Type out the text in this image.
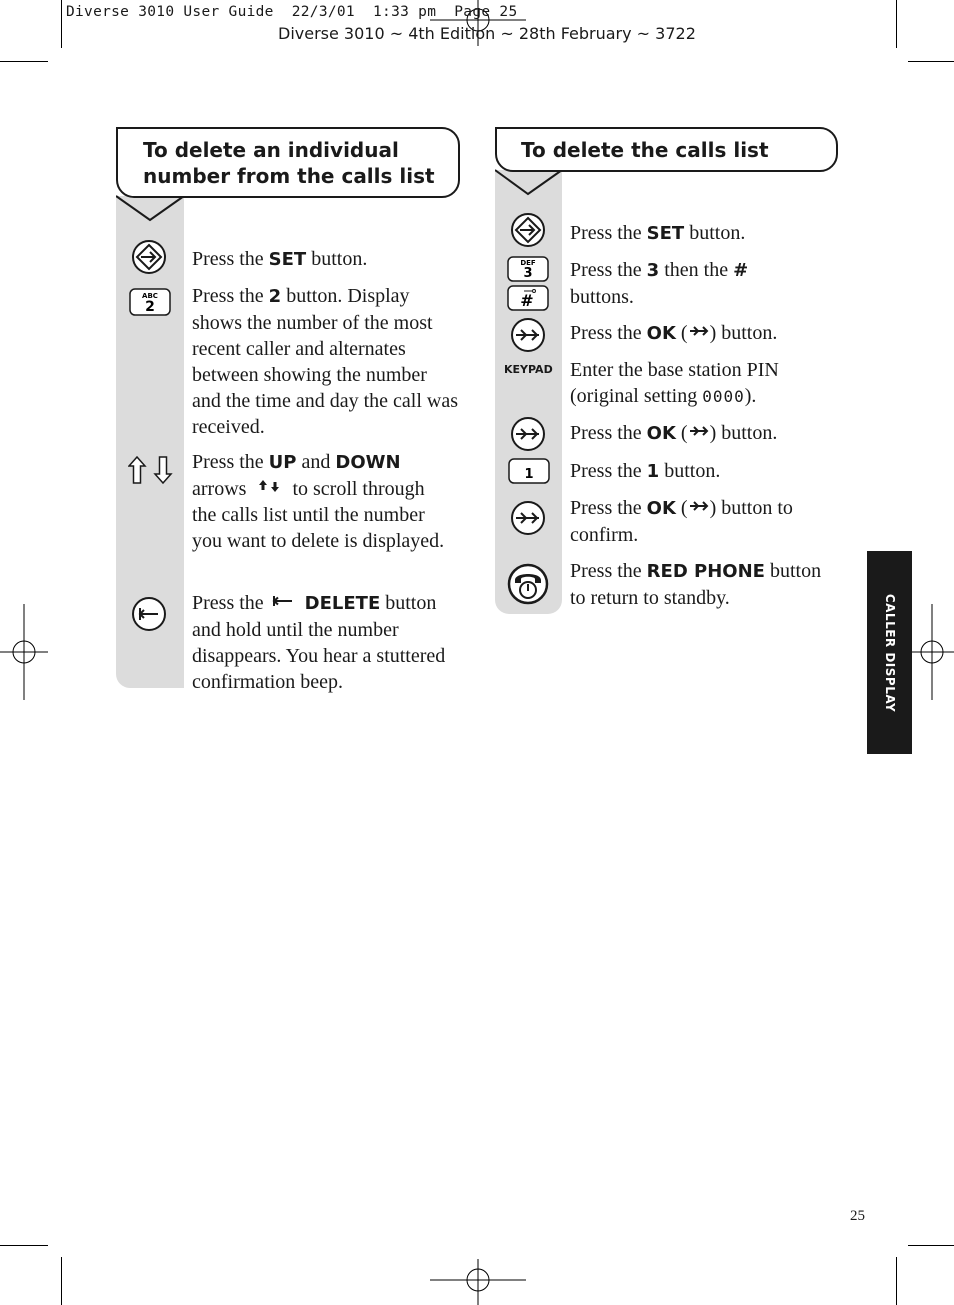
Diverse 3010 User Guide  22/3/01  1:33 pm  Page 25
Diverse 3010 ~ 4th Edition ~ 28th February ~ 3722
To delete an individual number from the calls list
ABC
2
Press the SET button.
Press the 2 button. Display shows the number of the most recent caller and alternates between showing the number and the time and day the call was received.
Press the UP and DOWN
arrows  to scroll through the calls list until the number you want to delete is displayed.
Press the DELETE button and hold until the number disappears. You hear a stuttered confirmation beep.
To delete the calls list
DEF
3
#
KEYPAD
1
Press the SET button.
Press the 3 then the #
buttons.
Press the OK ( ) button.
Enter the base station PIN (original setting 0000).
Press the OK ( ) button.
Press the 1 button.
Press the OK ( ) button to confirm.
Press the RED PHONE button to return to standby.	CALLER DISPLAY
25
